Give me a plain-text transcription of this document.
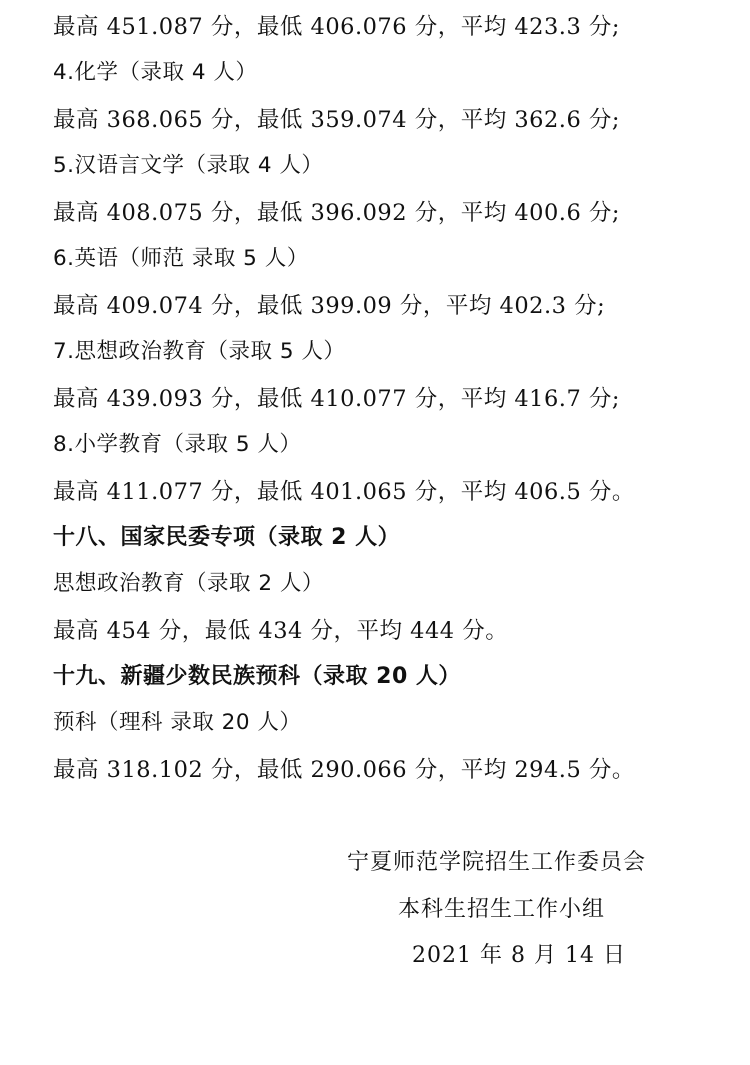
最高 451.087 分，最低 406.076 分，平均 423.3 分;
4.化学（录取 4 人）
最高 368.065 分，最低 359.074 分，平均 362.6 分;
5.汉语言文学（录取 4 人）
最高 408.075 分，最低 396.092 分，平均 400.6 分;
6.英语（师范 录取 5 人）
最高 409.074 分，最低 399.09 分，平均 402.3 分;
7.思想政治教育（录取 5 人）
最高 439.093 分，最低 410.077 分，平均 416.7 分;
8.小学教育（录取 5 人）
最高 411.077 分，最低 401.065 分，平均 406.5 分。
十八、国家民委专项（录取 2 人）
思想政治教育（录取 2 人）
最高 454 分，最低 434 分，平均 444 分。
十九、新疆少数民族预科（录取 20 人）
预科（理科 录取 20 人）
最高 318.102 分，最低 290.066 分，平均 294.5 分。
宁夏师范学院招生工作委员会
本科生招生工作小组
2021 年 8 月 14 日
